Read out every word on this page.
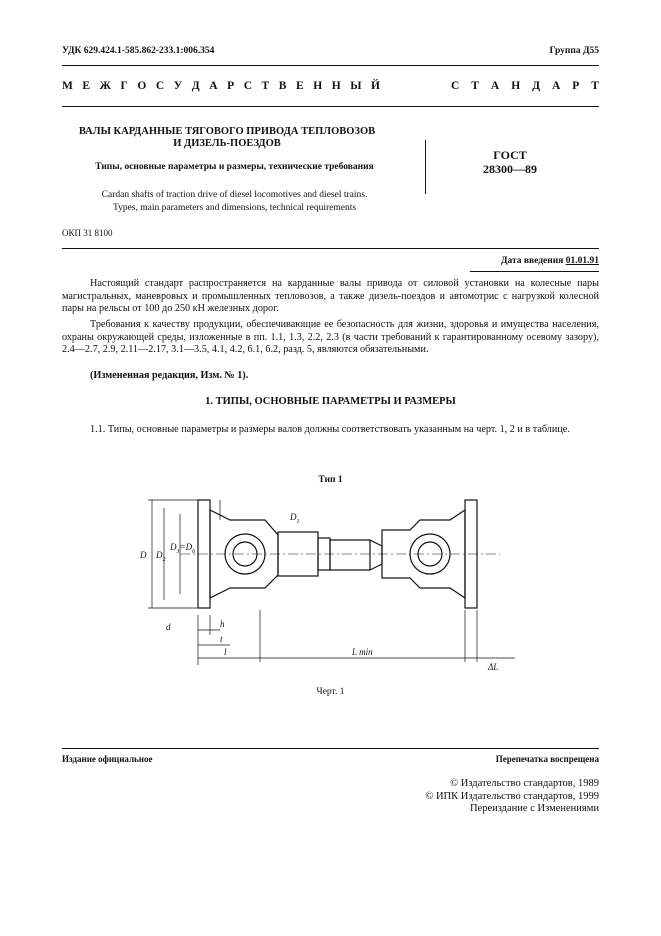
УДК 629.424.1-585.862-233.1:006.354	Группа Д55
М Е Ж Г О С У Д А Р С Т В Е Н Н Ы Й	С Т А Н Д А Р Т
ВАЛЫ КАРДАННЫЕ ТЯГОВОГО ПРИВОДА ТЕПЛОВОЗОВ
И ДИЗЕЛЬ-ПОЕЗДОВ
Типы, основные параметры и размеры, технические требования
ГОСТ
28300—89
Cardan shafts of traction drive of diesel locomotives and diesel trains.
Types, main parameters and dimensions, technical requirements
ОКП 31 8100
Дата введения 01.01.91
Настоящий стандарт распространяется на карданные валы привода от силовой установки на колесные пары магистральных, маневровых и промышленных тепловозов, а также дизель-поездов и автомотрис с нагрузкой колесной пары на рельсы от 100 до 250 кН железных дорог.
Требования к качеству продукции, обеспечивающие ее безопасность для жизни, здоровья и имущества населения, охраны окружающей среды, изложенные в пп. 1.1, 1.3, 2.2, 2.3 (в части требований к гарантированному осевому зазору), 2.4—2.7, 2.9, 2.11—2.17, 3.1—3.5, 4.1, 4.2, 6.1, 6.2, разд. 5, являются обязательными.
(Измененная редакция, Изм. № 1).
1. ТИПЫ, ОСНОВНЫЕ ПАРАМЕТРЫ И РАЗМЕРЫ
1.1. Типы, основные параметры и размеры валов должны соответствовать указанным на черт. 1, 2 и в таблице.
Тип 1
D $D_2$
$D_3=D_6$
$D_1$
d	h
t
l	L min
ΔL
Черт. 1
Издание официальное	Перепечатка воспрещена
© Издательство стандартов, 1989
© ИПК Издательство стандартов, 1999
Переиздание с Изменениями
